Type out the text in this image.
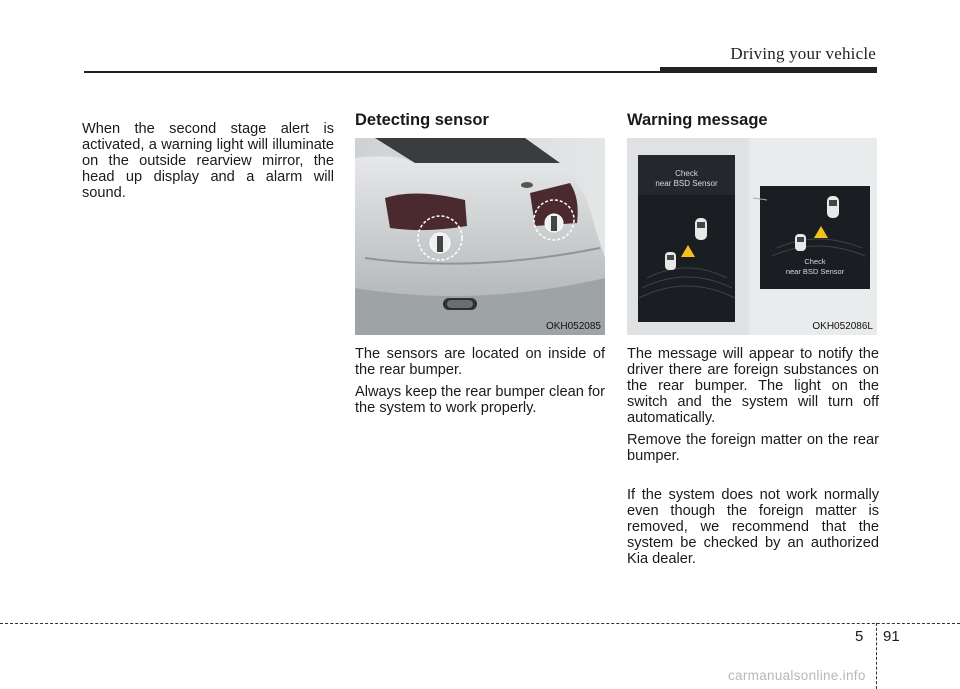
Driving your vehicle

When the second stage alert is activated, a warning light will illuminate on the outside rearview mirror, the head up display and a alarm will sound.

Detecting sensor
OKH052085

The sensors are located on inside of the rear bumper.

Always keep the rear bumper clean for the system to work properly.

Warning message
Check
near BSD Sensor
Check
near BSD Sensor
OKH052086L

The message will appear to notify the driver there are foreign substances on the rear bumper. The light on the switch and the system will turn off automatically.

Remove the foreign matter on the rear bumper.

If the system does not work normally even though the foreign matter is removed, we recommend that the system be checked by an authorized Kia dealer.

5 91
carmanualsonline.info
